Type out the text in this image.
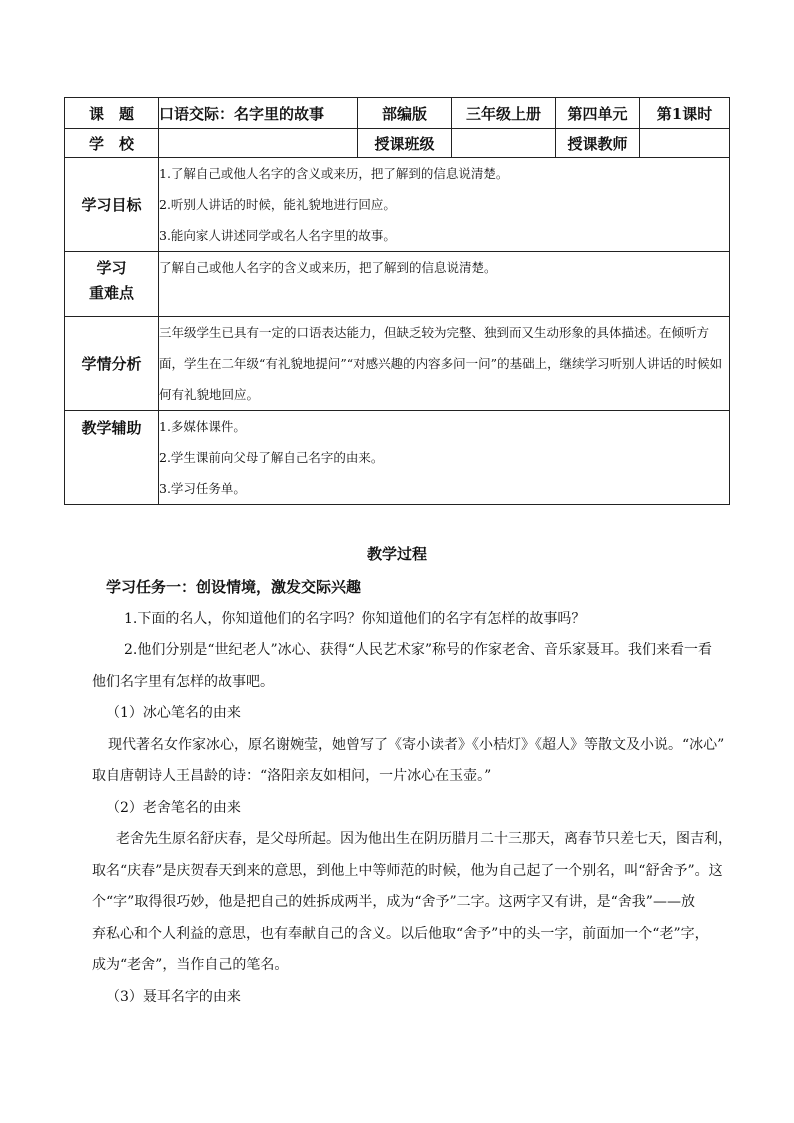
课　题	口语交际：名字里的故事	部编版	三年级上册	第四单元	第1课时
学　校		授课班级		授课教师	
学习目标	1.了解自己或他人名字的含义或来历，把了解到的信息说清楚。
2.听别人讲话的时候，能礼貌地进行回应。
3.能向家人讲述同学或名人名字里的故事。				

学习
重难点	了解自己或他人名字的含义或来历，把了解到的信息说清楚。				
学情分析	三年级学生已具有一定的口语表达能力，但缺乏较为完整、独到而又生动形象的具体描述。在倾听方面，学生在二年级“有礼貌地提问”“对感兴趣的内容多问一问”的基础上，继续学习听别人讲话的时候如何有礼貌地回应。				
教学辅助	1.多媒体课件。
2.学生课前向父母了解自己名字的由来。
3.学习任务单。				
教学过程

学习任务一：创设情境，激发交际兴趣

1.下面的名人，你知道他们的名字吗？你知道他们的名字有怎样的故事吗？

2.他们分别是“世纪老人”冰心、获得“人民艺术家”称号的作家老舍、音乐家聂耳。我们来看一看

他们名字里有怎样的故事吧。

（1）冰心笔名的由来

现代著名女作家冰心，原名谢婉莹，她曾写了《寄小读者》《小桔灯》《超人》等散文及小说。“冰心”

取自唐朝诗人王昌龄的诗：“洛阳亲友如相问，一片冰心在玉壶。”

（2）老舍笔名的由来

老舍先生原名舒庆春，是父母所起。因为他出生在阴历腊月二十三那天，离春节只差七天，图吉利，

取名“庆春”是庆贺春天到来的意思，到他上中等师范的时候，他为自己起了一个别名，叫“舒舍予”。这

个“字”取得很巧妙，他是把自己的姓拆成两半，成为“舍予”二字。这两字又有讲，是“舍我”——放

弃私心和个人利益的意思，也有奉献自己的含义。以后他取“舍予”中的头一字，前面加一个“老”字，

成为“老舍”，当作自己的笔名。

（3）聂耳名字的由来
